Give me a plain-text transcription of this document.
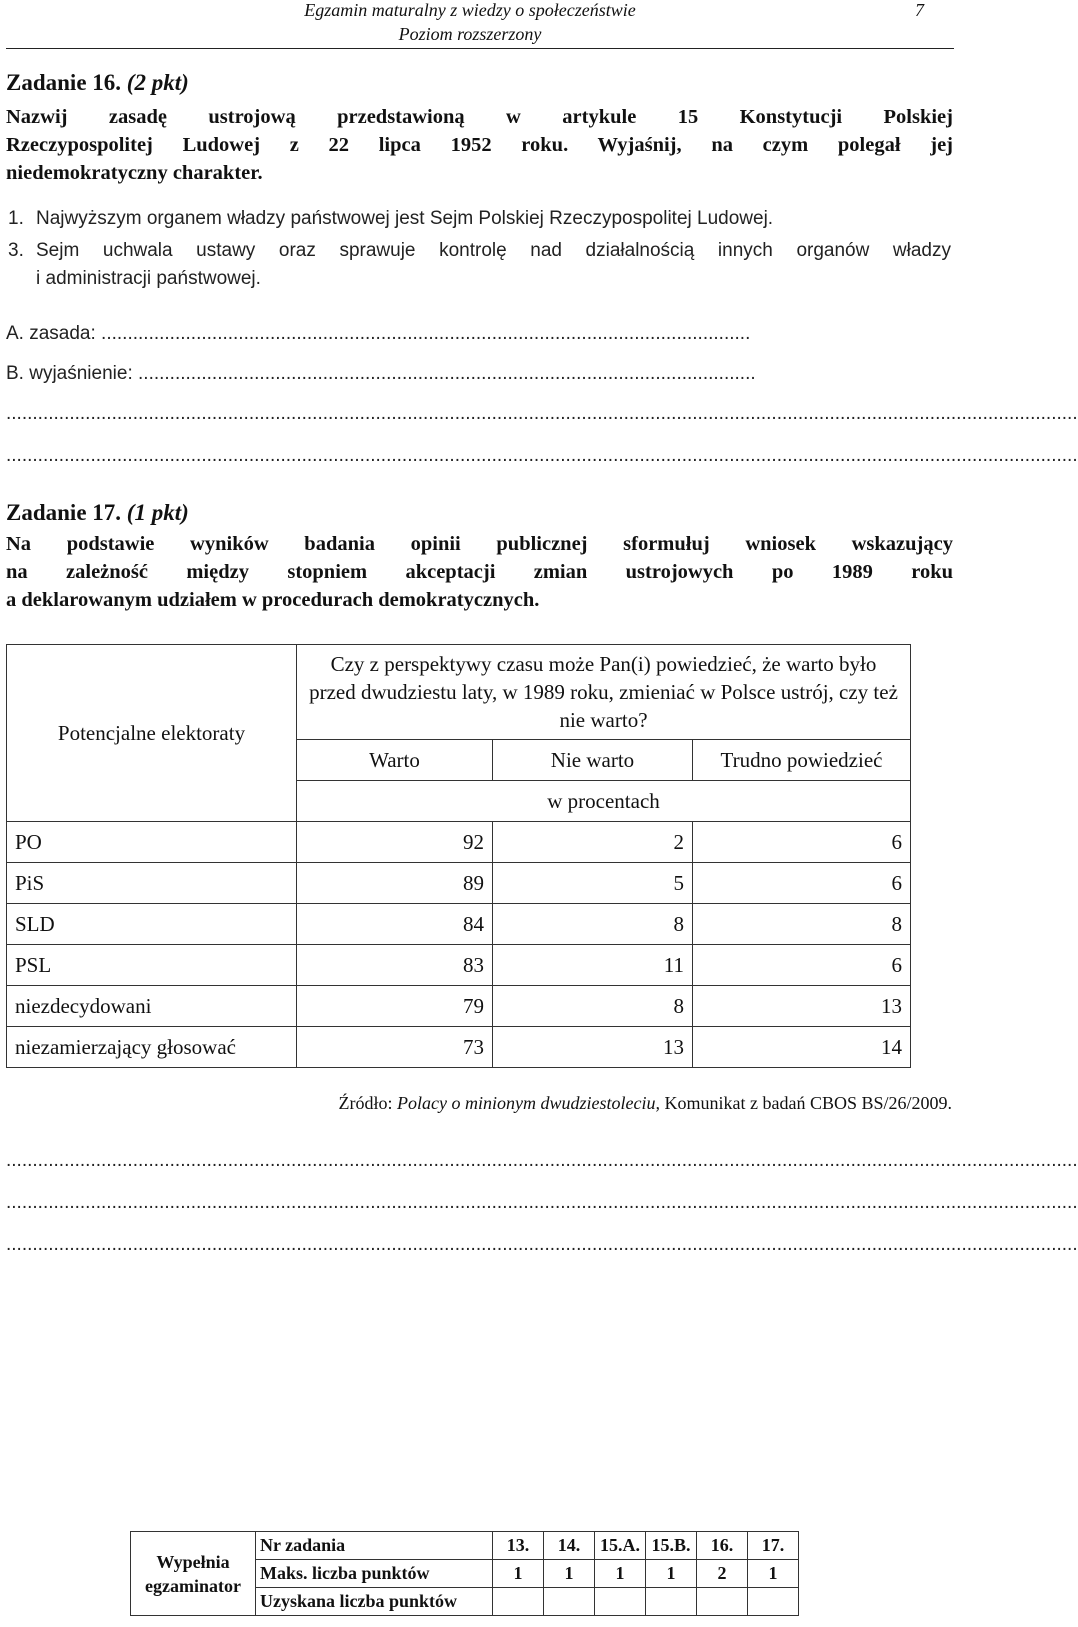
Egzamin maturalny z wiedzy o społeczeństwie
Poziom rozszerzony
7
Zadanie 16. (2 pkt)
Nazwij zasadę ustrojową przedstawioną w artykule 15 Konstytucji Polskiej
Rzeczypospolitej Ludowej z 22 lipca 1952 roku. Wyjaśnij, na czym polegał jej
niedemokratyczny charakter.
1. Najwyższym organem władzy państwowej jest Sejm Polskiej Rzeczypospolitej Ludowej.
3. Sejm uchwala ustawy oraz sprawuje kontrolę nad działalnością innych organów władzy
i administracji państwowej.
A. zasada: ...........................................................................................................................
B. wyjaśnienie: .....................................................................................................................
...........................................................................................................................................................................................................
...........................................................................................................................................................................................................
Zadanie 17. (1 pkt)
Na podstawie wyników badania opinii publicznej sformułuj wniosek wskazujący
na zależność między stopniem akceptacji zmian ustrojowych po 1989 roku
a deklarowanym udziałem w procedurach demokratycznych.
Potencjalne elektoraty	Czy z perspektywy czasu może Pan(i) powiedzieć, że warto było przed dwudziestu laty, w 1989 roku, zmieniać w Polsce ustrój, czy też nie warto?		
	Warto	Nie warto	Trudno powiedzieć
	w procentach		
PO	92	2	6
PiS	89	5	6
SLD	84	8	8
PSL	83	11	6
niezdecydowani	79	8	13
niezamierzający głosować	73	13	14
Źródło: Polacy o minionym dwudziestoleciu, Komunikat z badań CBOS BS/26/2009.
...........................................................................................................................................................................................................
...........................................................................................................................................................................................................
...........................................................................................................................................................................................................
Wypełnia egzaminator	Nr zadania	13.	14.	15.A.	15.B.	16.	17.
	Maks. liczba punktów	1	1	1	1	2	1
	Uzyskana liczba punktów						
